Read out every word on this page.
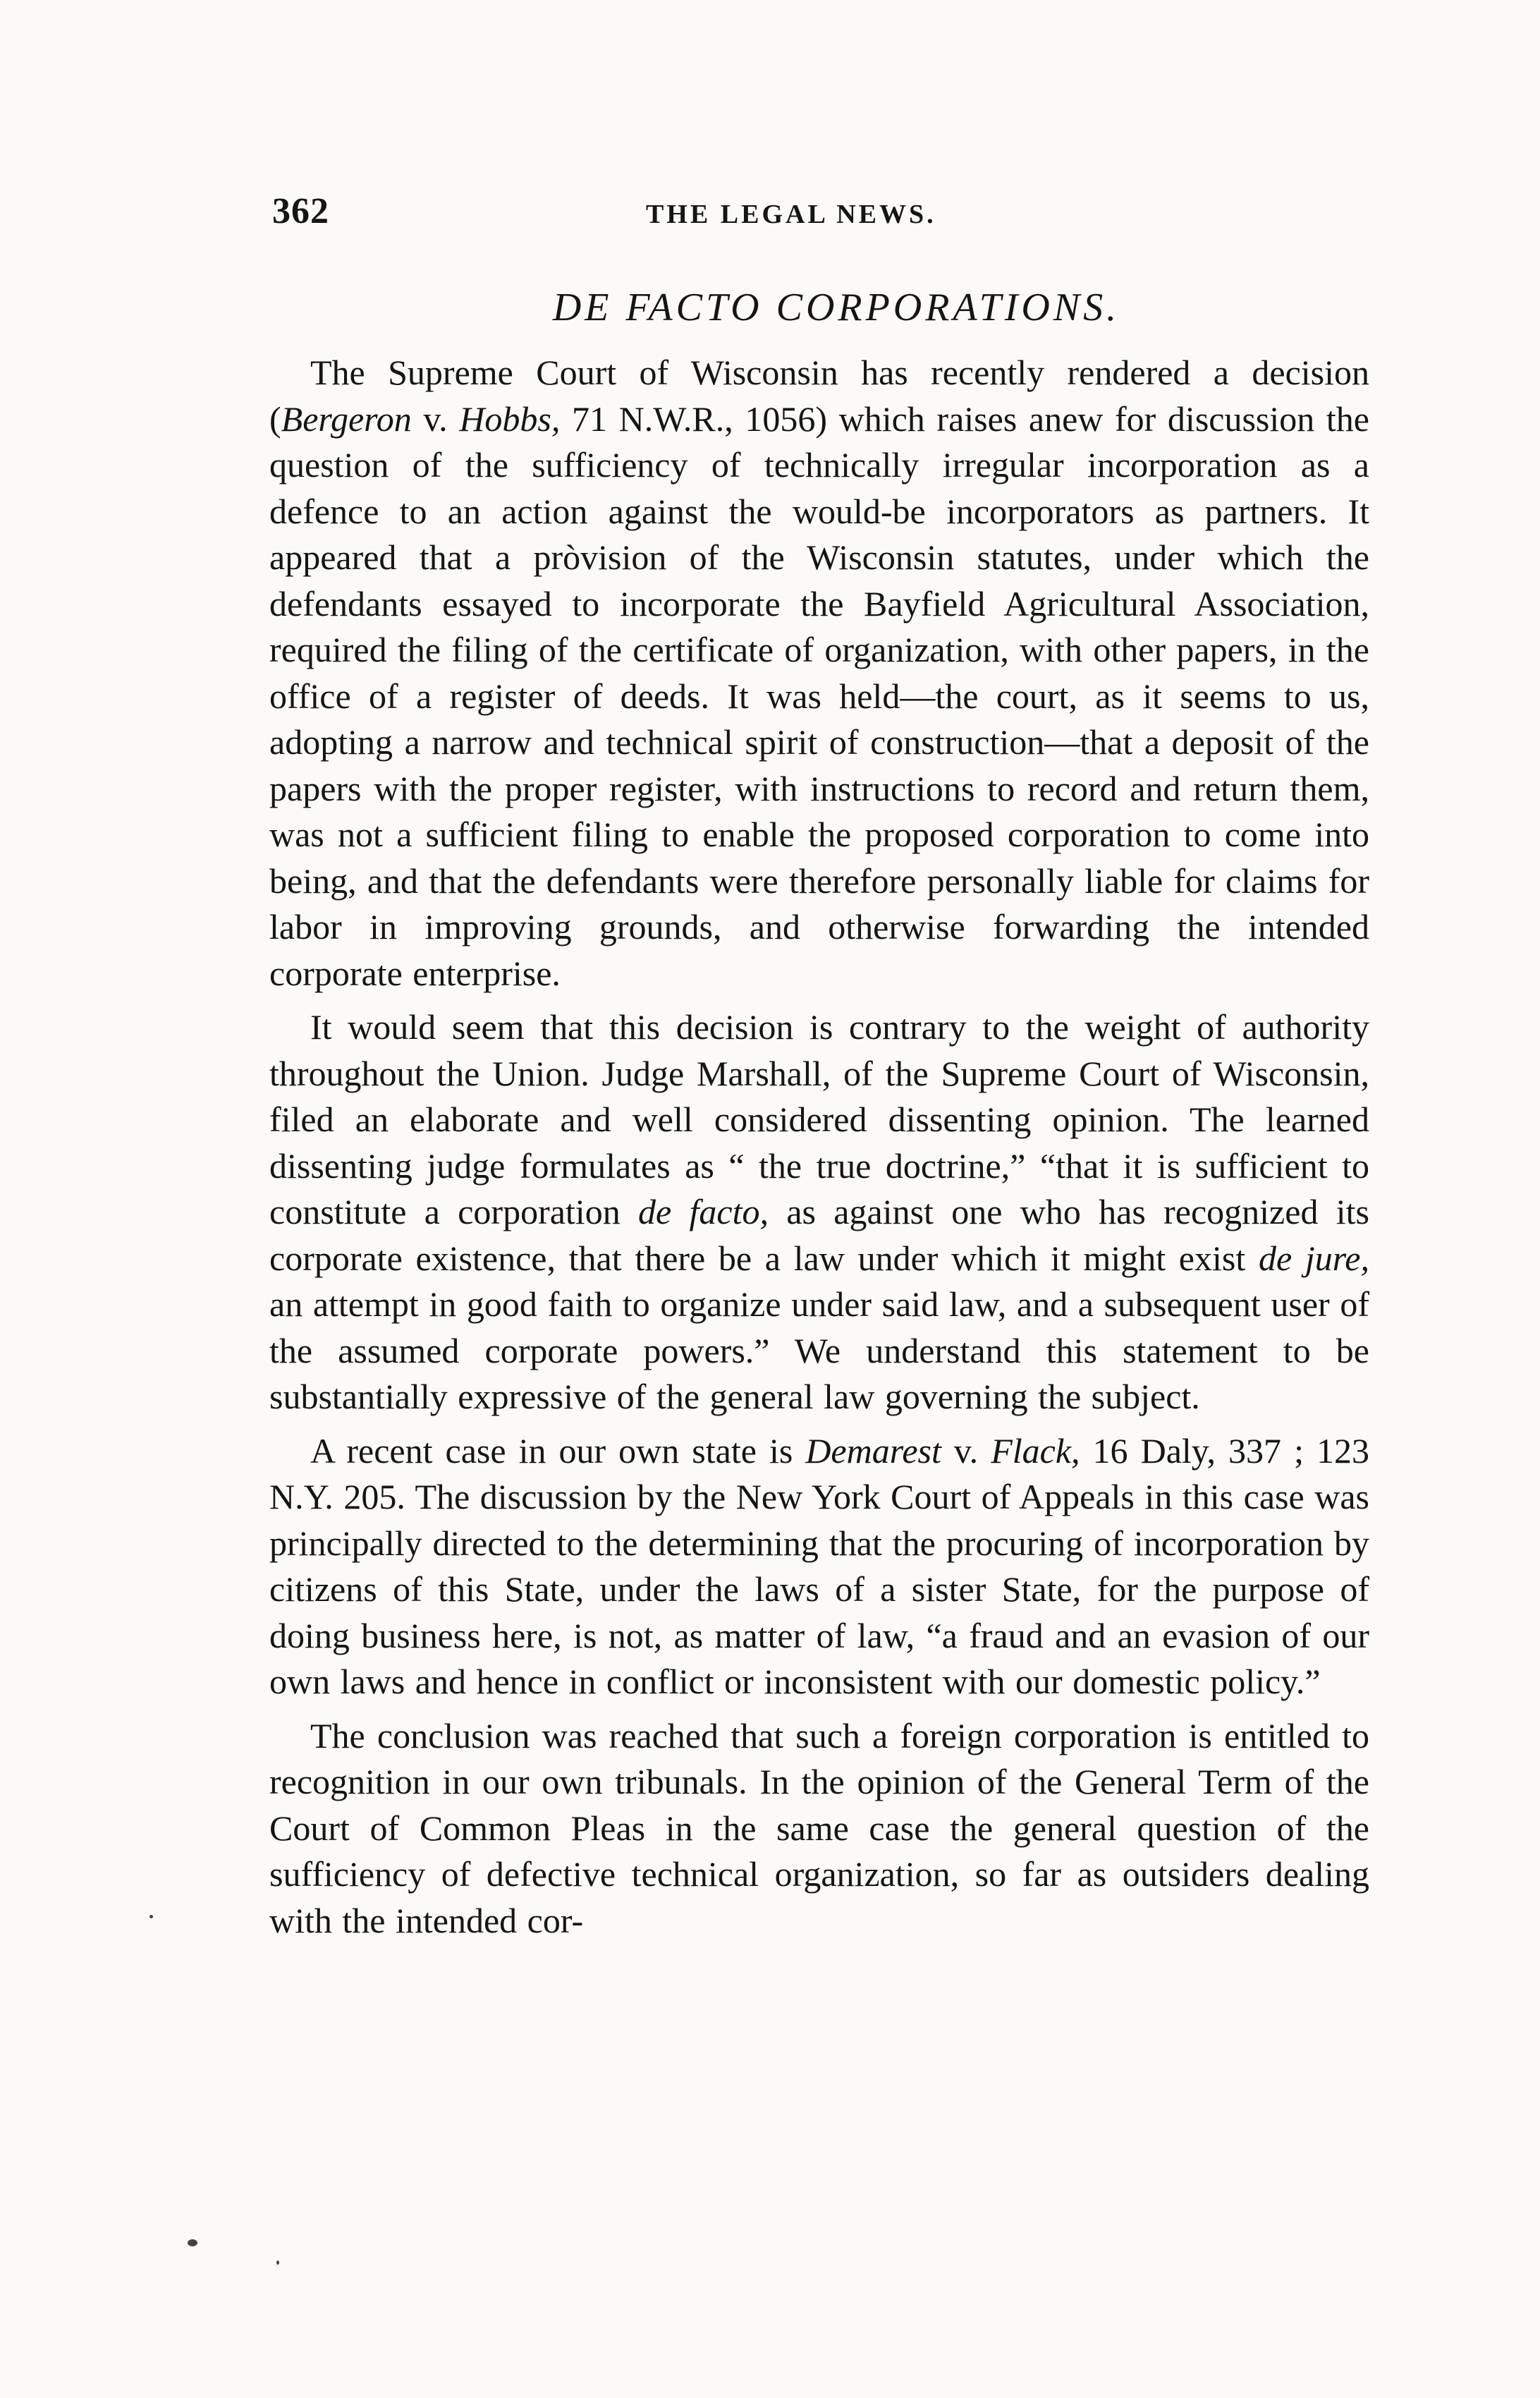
362	THE LEGAL NEWS.
DE FACTO CORPORATIONS.

The Supreme Court of Wisconsin has recently rendered a decision (Bergeron v. Hobbs, 71 N.W.R., 1056) which raises anew for discussion the question of the sufficiency of technically irregular incorporation as a defence to an action against the would-be incorporators as partners. It appeared that a pròvision of the Wisconsin statutes, under which the defendants essayed to incorporate the Bayfield Agricultural Association, required the filing of the certificate of organization, with other papers, in the office of a register of deeds. It was held—the court, as it seems to us, adopting a narrow and technical spirit of construction—that a deposit of the papers with the proper register, with instructions to record and return them, was not a sufficient filing to enable the proposed corporation to come into being, and that the defendants were therefore personally liable for claims for labor in improving grounds, and otherwise forwarding the intended corporate enterprise.

It would seem that this decision is contrary to the weight of authority throughout the Union. Judge Marshall, of the Supreme Court of Wisconsin, filed an elaborate and well considered dissenting opinion. The learned dissenting judge formulates as “ the true doctrine,” “that it is sufficient to constitute a corporation de facto, as against one who has recognized its corporate existence, that there be a law under which it might exist de jure, an attempt in good faith to organize under said law, and a subsequent user of the assumed corporate powers.” We understand this statement to be substantially expressive of the general law governing the subject.

A recent case in our own state is Demarest v. Flack, 16 Daly, 337 ; 123 N.Y. 205. The discussion by the New York Court of Appeals in this case was principally directed to the determining that the procuring of incorporation by citizens of this State, under the laws of a sister State, for the purpose of doing business here, is not, as matter of law, “a fraud and an evasion of our own laws and hence in conflict or inconsistent with our domestic policy.”

The conclusion was reached that such a foreign corporation is entitled to recognition in our own tribunals. In the opinion of the General Term of the Court of Common Pleas in the same case the general question of the sufficiency of defective technical organization, so far as outsiders dealing with the intended cor-
